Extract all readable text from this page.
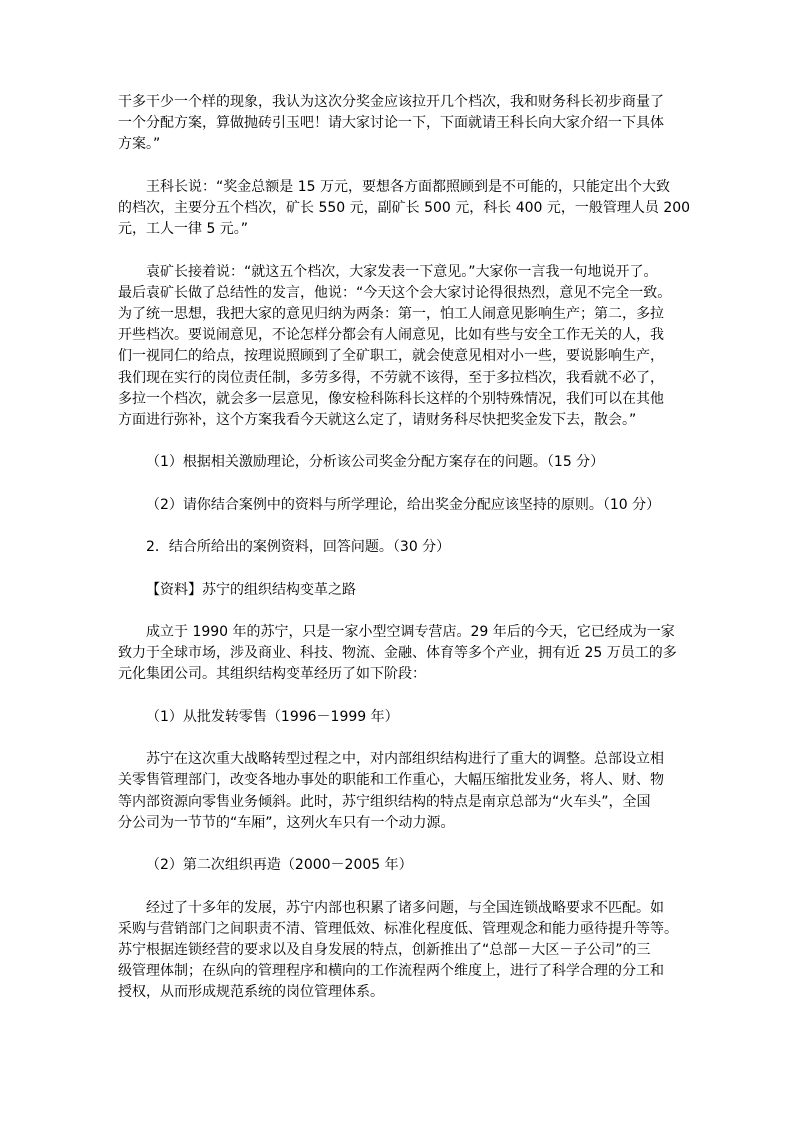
干多干少一个样的现象，我认为这次分奖金应该拉开几个档次，我和财务科长初步商量了
一个分配方案，算做抛砖引玉吧！请大家讨论一下，下面就请王科长向大家介绍一下具体
方案。”

王科长说：“奖金总额是 15 万元，要想各方面都照顾到是不可能的，只能定出个大致
的档次，主要分五个档次，矿长 550 元，副矿长 500 元，科长 400 元，一般管理人员 200
元，工人一律 5 元。”

袁矿长接着说：“就这五个档次，大家发表一下意见。”大家你一言我一句地说开了。
最后袁矿长做了总结性的发言，他说：“今天这个会大家讨论得很热烈，意见不完全一致。
为了统一思想，我把大家的意见归纳为两条：第一，怕工人闹意见影响生产；第二，多拉
开些档次。要说闹意见，不论怎样分都会有人闹意见，比如有些与安全工作无关的人，我
们一视同仁的给点，按理说照顾到了全矿职工，就会使意见相对小一些，要说影响生产，
我们现在实行的岗位责任制，多劳多得，不劳就不该得，至于多拉档次，我看就不必了，
多拉一个档次，就会多一层意见，像安检科陈科长这样的个别特殊情况，我们可以在其他
方面进行弥补，这个方案我看今天就这么定了，请财务科尽快把奖金发下去，散会。”

（1）根据相关激励理论，分析该公司奖金分配方案存在的问题。（15 分）

（2）请你结合案例中的资料与所学理论，给出奖金分配应该坚持的原则。（10 分）

2．结合所给出的案例资料，回答问题。（30 分）

【资料】苏宁的组织结构变革之路

成立于 1990 年的苏宁，只是一家小型空调专营店。29 年后的今天，它已经成为一家
致力于全球市场，涉及商业、科技、物流、金融、体育等多个产业，拥有近 25 万员工的多
元化集团公司。其组织结构变革经历了如下阶段：

（1）从批发转零售（1996－1999 年）

苏宁在这次重大战略转型过程之中，对内部组织结构进行了重大的调整。总部设立相
关零售管理部门，改变各地办事处的职能和工作重心，大幅压缩批发业务，将人、财、物
等内部资源向零售业务倾斜。此时，苏宁组织结构的特点是南京总部为“火车头”，全国
分公司为一节节的“车厢”，这列火车只有一个动力源。

（2）第二次组织再造（2000－2005 年）

经过了十多年的发展，苏宁内部也积累了诸多问题，与全国连锁战略要求不匹配。如
采购与营销部门之间职责不清、管理低效、标准化程度低、管理观念和能力亟待提升等等。
苏宁根据连锁经营的要求以及自身发展的特点，创新推出了“总部－大区－子公司”的三
级管理体制；在纵向的管理程序和横向的工作流程两个维度上，进行了科学合理的分工和
授权，从而形成规范系统的岗位管理体系。
